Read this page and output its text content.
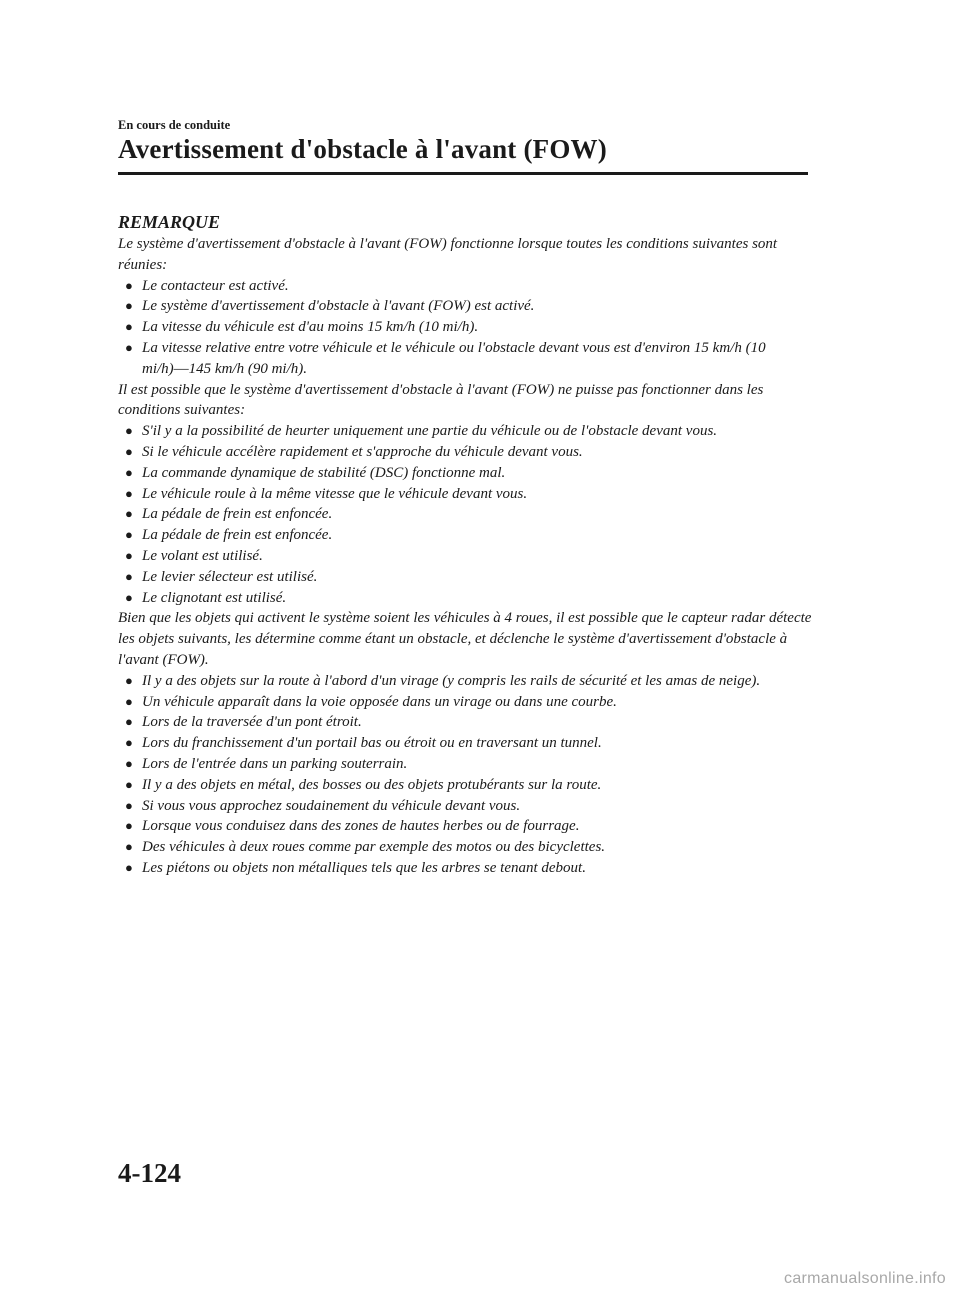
En cours de conduite
Avertissement d'obstacle à l'avant (FOW)
REMARQUE

Le système d'avertissement d'obstacle à l'avant (FOW) fonctionne lorsque toutes les conditions suivantes sont réunies:

● Le contacteur est activé.
● Le système d'avertissement d'obstacle à l'avant (FOW) est activé.
● La vitesse du véhicule est d'au moins 15 km/h (10 mi/h).
● La vitesse relative entre votre véhicule et le véhicule ou l'obstacle devant vous est d'environ 15 km/h (10 mi/h)―145 km/h (90 mi/h).

Il est possible que le système d'avertissement d'obstacle à l'avant (FOW) ne puisse pas fonctionner dans les conditions suivantes:

● S'il y a la possibilité de heurter uniquement une partie du véhicule ou de l'obstacle devant vous.
● Si le véhicule accélère rapidement et s'approche du véhicule devant vous.
● La commande dynamique de stabilité (DSC) fonctionne mal.
● Le véhicule roule à la même vitesse que le véhicule devant vous.
● La pédale de frein est enfoncée.
● La pédale de frein est enfoncée.
● Le volant est utilisé.
● Le levier sélecteur est utilisé.
● Le clignotant est utilisé.

Bien que les objets qui activent le système soient les véhicules à 4 roues, il est possible que le capteur radar détecte les objets suivants, les détermine comme étant un obstacle, et déclenche le système d'avertissement d'obstacle à l'avant (FOW).

● Il y a des objets sur la route à l'abord d'un virage (y compris les rails de sécurité et les amas de neige).
● Un véhicule apparaît dans la voie opposée dans un virage ou dans une courbe.
● Lors de la traversée d'un pont étroit.
● Lors du franchissement d'un portail bas ou étroit ou en traversant un tunnel.
● Lors de l'entrée dans un parking souterrain.
● Il y a des objets en métal, des bosses ou des objets protubérants sur la route.
● Si vous vous approchez soudainement du véhicule devant vous.
● Lorsque vous conduisez dans des zones de hautes herbes ou de fourrage.
● Des véhicules à deux roues comme par exemple des motos ou des bicyclettes.
● Les piétons ou objets non métalliques tels que les arbres se tenant debout.
4-124
carmanualsonline.info
